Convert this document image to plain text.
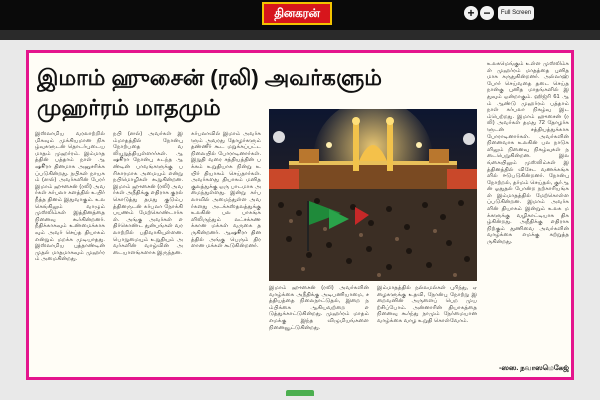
தினகரன்	+ −	Full Screen
இமாம் ஹுசைன் (ரலி) அவர்களும்
முஹர்ரம் மாதமும்
இஸ்லாமிய வரலாற்றில் மிகவும் முக்கியமான நிகழ்வுகளுடன் தொடர்புடைய மாதம் முஹர்ரம். இம்மாதத்தின் பத்தாம் நாள் ஆஷூரா தினமாக அனுசரிக்கப்படுகின்றது. நபிகள் நாயகம் (ஸல்) அவர்களின் பேரர் இமாம் ஹுசைன் (ரலி) அவர்கள் கர்பலா களத்தில் உயிர் நீத்த தினம் இதுவாகும். உலகெங்கிலும் வாழும் முஸ்லிம்கள் இத்தினத்தை நினைவு கூர்கின்றனர். நீதிக்காகவும் உண்மைக்காகவும் அவர் செய்த தியாகம் என்றும் மறக்க முடியாதது. இஸ்லாமிய புத்தாண்டின் முதல் மாதமாகவும் முஹர்ரம் அமைகின்றது.
நபி (ஸல்) அவர்கள் இம்மாதத்தில் நோன்பு நோற்பதை வலியுறுத்தியுள்ளார்கள். ஆஷூரா நோன்பு கடந்த ஆண்டின் பாவங்களுக்கு பரிகாரமாக அமையும் என்று நபிமொழிகள் கூறுகின்றன. இமாம் ஹுசைன் (ரலி) அவர்கள் அநீதிக்கு எதிராக குரல் கொடுத்து தமது குடும்பத்தினருடன் கர்பலா நோக்கி பயணம் மேற்கொண்டார்கள். அங்கு அவர்கள் எதிர்கொண்ட துன்பங்கள் வரலாற்றில் பதிவாகியுள்ளன. பொறுமையும் உறுதியும் அவர்களின் வாழ்வின் அடையாளங்களாக இருந்தன.
கர்பலாவில் இமாம் அவர்களும் அவரது தோழர்களும் தண்ணீர் கூட மறுக்கப்பட்ட நிலையில் போராடினார்கள். இறுதி வரை சத்தியத்தின் பக்கம் உறுதியாக நின்று உயிர் தியாகம் செய்தார்கள். அவர்களது தியாகம் மனித குலத்துக்கு ஒரு பாடமாக அமைந்துள்ளது. இன்று கர்பலாவில் அமைந்துள்ள அவர்களது அடக்கஸ்தலத்துக்கு உலகின் பல பாகங்களிலிருந்தும் லட்சக்கணக்கான மக்கள் வருகை தருகின்றனர். ஆஷூரா தினத்தில் அங்கு பெரும் திரளான மக்கள் கூடுகின்றனர்.
இமாம் ஹுசைன் (ரலி) அவர்களின் வாழ்க்கை அநீதிக்கு அடிபணியாமை, சத்தியத்தை நிலைநாட்டுதல், இறை நம்பிக்கை ஆகியவற்றை எடுத்துக்காட்டுகின்றது. முஹர்ரம் மாதம் எமக்கு இந்த விழுமியங்களை நினைவூட்டுகின்றது.
இம்மாதத்தில் நல்லமல்கள் புரிந்து, ஏழைகளுக்கு உதவி, நோன்பு நோற்று இறைவனின் அருளைப் பெற முயற்சிப்போம். அன்னாரின் தியாகத்தை நினைவு கூர்ந்து நாமும் நேர்மையான வாழ்க்கை வாழ உறுதி கொள்வோம்.
உலகமெங்கும் உள்ள முஸ்லிம்கள் முஹர்ரம் மாதத்தை புனிதமாக கருதுகின்றனர். அல்லாஹ் போர் செய்வதை தடை செய்த நான்கு புனித மாதங்களில் இதுவும் ஒன்றாகும். ஹிஜ்ரி 61 ஆம் ஆண்டு முஹர்ரம் பத்தாம் நாள் கர்பலா நிகழ்வு இடம்பெற்றது. இமாம் ஹுசைன் (ரலி) அவர்கள் தமது 72 தோழர்களுடன் சத்தியத்துக்காக போராடினார்கள். அவர்களின் நினைவாக உலகின் பல நாடுகளிலும் நினைவு நிகழ்வுகள் நடைபெறுகின்றன. இலங்கையிலும் முஸ்லிம்கள் இத்தினத்தில் விசேட வணக்கங்களில் ஈடுபடுகின்றனர். நோன்பு நோற்றல், தர்மம் செய்தல், குர்ஆன் ஓதுதல் போன்ற நற்காரியங்கள் இம்மாதத்தில் மேற்கொள்ளப்படுகின்றன. இமாம் அவர்களின் தியாகம் இன்றும் உலக மக்களுக்கு வழிகாட்டியாக திகழ்கின்றது. அநீதிக்கு எதிராக நிற்கும் துணிவை அவர்களின் வாழ்க்கை எமக்கு கற்றுத்தருகின்றது.
-ஸஸ. நவாஸமெகேஜ்
